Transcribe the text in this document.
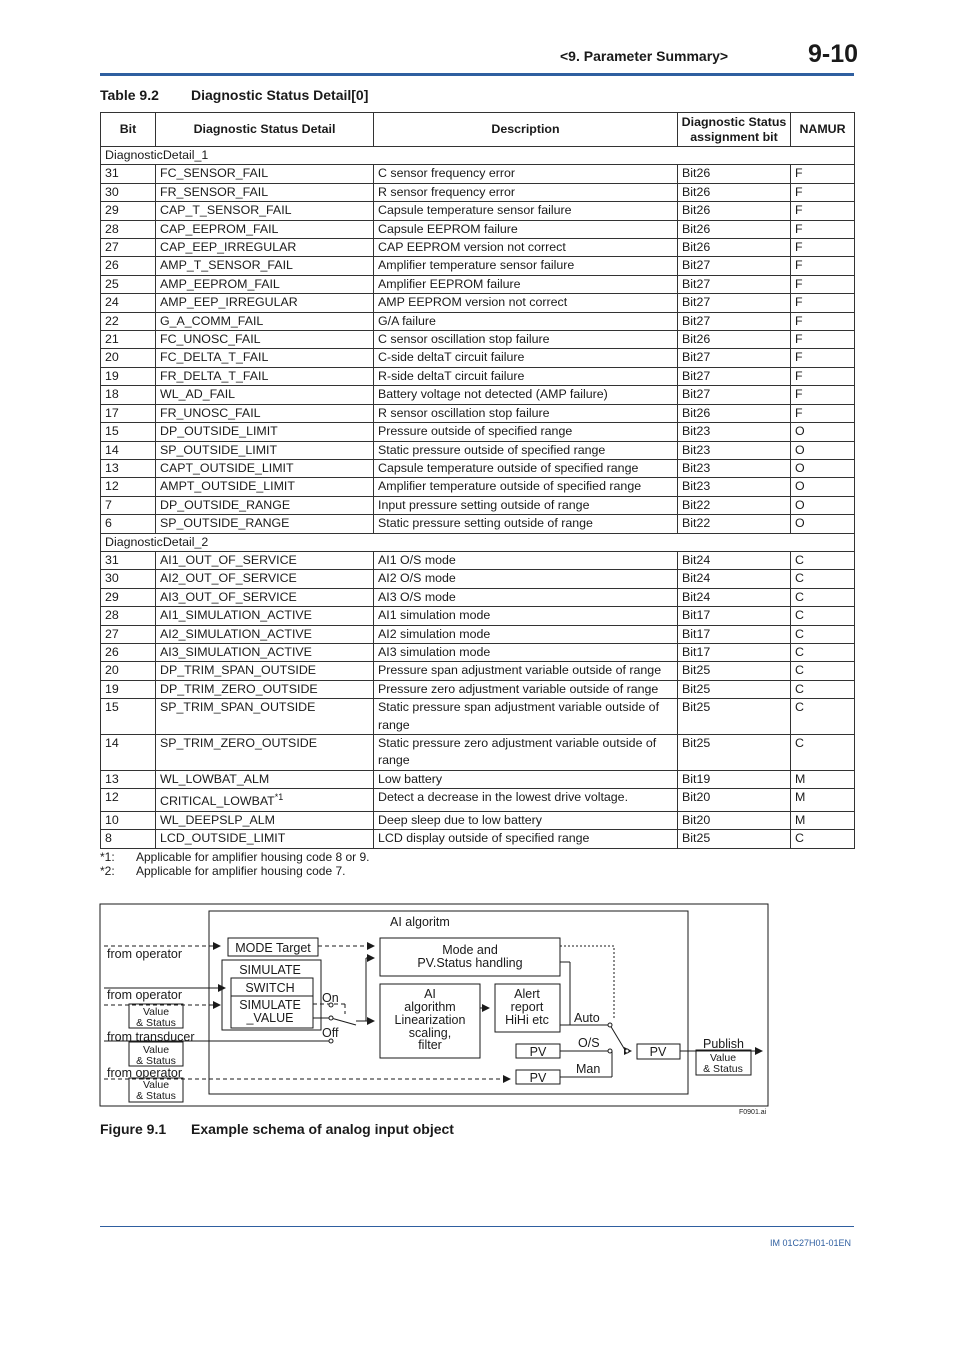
<9. Parameter Summary>	9-10
Table 9.2 Diagnostic Status Detail[0]
Bit	Diagnostic Status Detail	Description	Diagnostic Status assignment bit	NAMUR
DiagnosticDetail_1				
31	FC_SENSOR_FAIL	C sensor frequency error	Bit26	F
30	FR_SENSOR_FAIL	R sensor frequency error	Bit26	F
29	CAP_T_SENSOR_FAIL	Capsule temperature sensor failure	Bit26	F
28	CAP_EEPROM_FAIL	Capsule EEPROM failure	Bit26	F
27	CAP_EEP_IRREGULAR	CAP EEPROM version not correct	Bit26	F
26	AMP_T_SENSOR_FAIL	Amplifier temperature sensor failure	Bit27	F
25	AMP_EEPROM_FAIL	Amplifier EEPROM failure	Bit27	F
24	AMP_EEP_IRREGULAR	AMP EEPROM version not correct	Bit27	F
22	G_A_COMM_FAIL	G/A failure	Bit27	F
21	FC_UNOSC_FAIL	C sensor oscillation stop failure	Bit26	F
20	FC_DELTA_T_FAIL	C-side deltaT circuit failure	Bit27	F
19	FR_DELTA_T_FAIL	R-side deltaT circuit failure	Bit27	F
18	WL_AD_FAIL	Battery voltage not detected (AMP failure)	Bit27	F
17	FR_UNOSC_FAIL	R sensor oscillation stop failure	Bit26	F
15	DP_OUTSIDE_LIMIT	Pressure outside of specified range	Bit23	O
14	SP_OUTSIDE_LIMIT	Static pressure outside of specified range	Bit23	O
13	CAPT_OUTSIDE_LIMIT	Capsule temperature outside of specified range	Bit23	O
12	AMPT_OUTSIDE_LIMIT	Amplifier temperature outside of specified range	Bit23	O
7	DP_OUTSIDE_RANGE	Input pressure setting outside of range	Bit22	O
6	SP_OUTSIDE_RANGE	Static pressure setting outside of range	Bit22	O
DiagnosticDetail_2				
31	AI1_OUT_OF_SERVICE	AI1 O/S mode	Bit24	C
30	AI2_OUT_OF_SERVICE	AI2 O/S mode	Bit24	C
29	AI3_OUT_OF_SERVICE	AI3 O/S mode	Bit24	C
28	AI1_SIMULATION_ACTIVE	AI1 simulation mode	Bit17	C
27	AI2_SIMULATION_ACTIVE	AI2 simulation mode	Bit17	C
26	AI3_SIMULATION_ACTIVE	AI3 simulation mode	Bit17	C
20	DP_TRIM_SPAN_OUTSIDE	Pressure span adjustment variable outside of range	Bit25	C
19	DP_TRIM_ZERO_OUTSIDE	Pressure zero adjustment variable outside of range	Bit25	C
15	SP_TRIM_SPAN_OUTSIDE	Static pressure span adjustment variable outside of range	Bit25	C
14	SP_TRIM_ZERO_OUTSIDE	Static pressure zero adjustment variable outside of range	Bit25	C
13	WL_LOWBAT_ALM	Low battery	Bit19	M
12	CRITICAL_LOWBAT$^{*1}$	Detect a decrease in the lowest drive voltage.	Bit20	M
10	WL_DEEPSLP_ALM	Deep sleep due to low battery	Bit20	M
8	LCD_OUTSIDE_LIMIT	LCD display outside of specified range	Bit25	C
*1: Applicable for amplifier housing code 8 or 9.
*2: Applicable for amplifier housing code 7.
AI algoritm
MODE Target
SIMULATE
SWITCH
SIMULATE
_VALUE
Mode and
PV.Status handling
AI
algorithm
Linearization
scaling,
filter
Alert
report
HiHi etc
from operator
from operator
from transducer
from operator
On
Off
Auto
O/S
Man
PV
PV
PV
Publish
Value
& Status
Value
& Status
Value
& Status
Value
& Status
F0901.ai
Figure 9.1 Example schema of analog input object
IM 01C27H01-01EN
